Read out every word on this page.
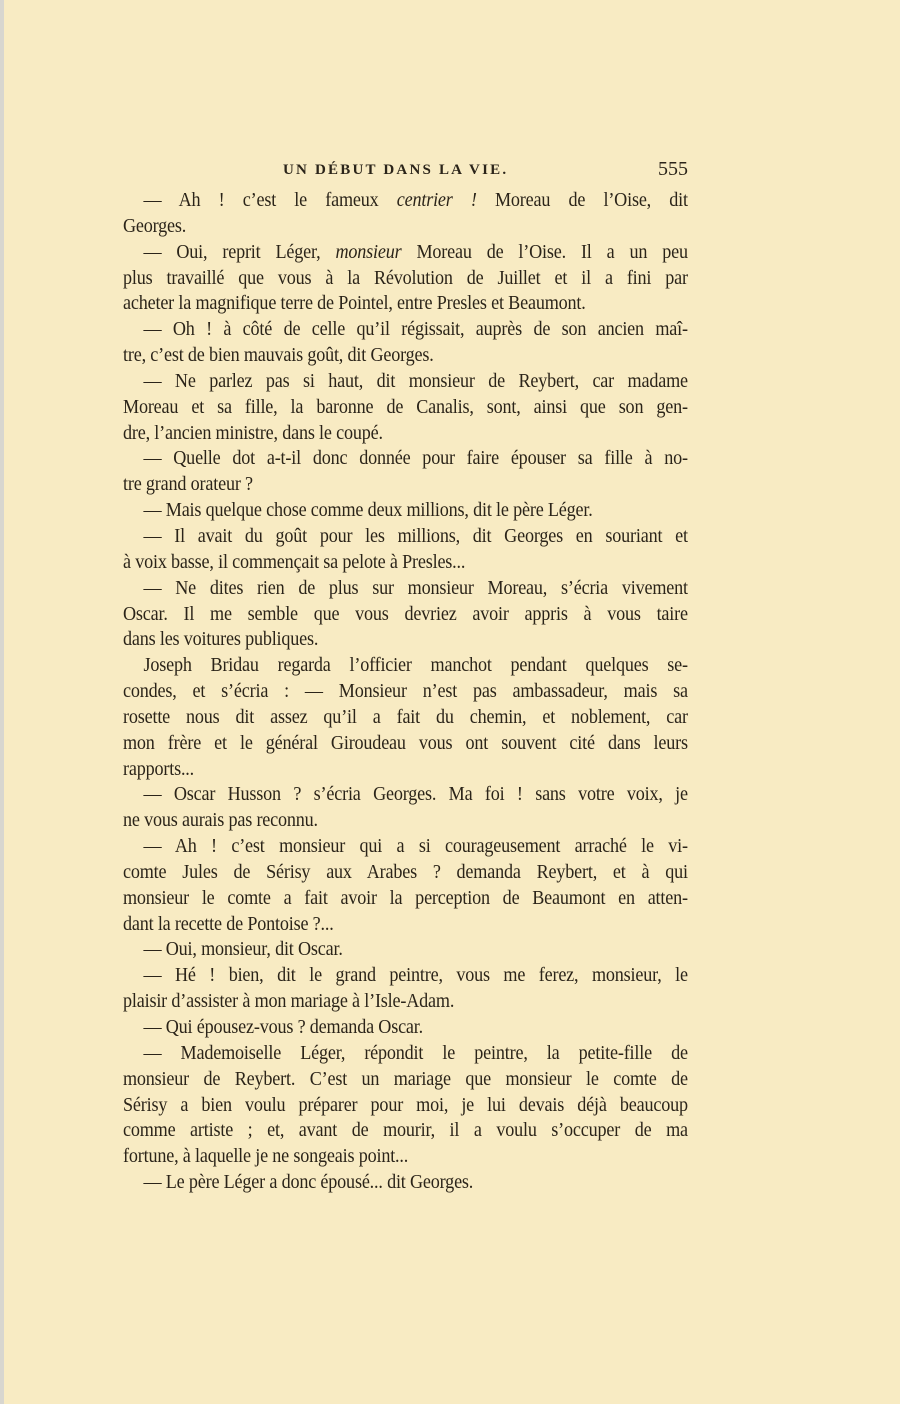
UN DÉBUT DANS LA VIE.	555
— Ah ! c’est le fameux centrier ! Moreau de l’Oise, dit
Georges.
— Oui, reprit Léger, monsieur Moreau de l’Oise. Il a un peu
plus travaillé que vous à la Révolution de Juillet et il a fini par
acheter la magnifique terre de Pointel, entre Presles et Beaumont.
— Oh ! à côté de celle qu’il régissait, auprès de son ancien maî-
tre, c’est de bien mauvais goût, dit Georges.
— Ne parlez pas si haut, dit monsieur de Reybert, car madame
Moreau et sa fille, la baronne de Canalis, sont, ainsi que son gen-
dre, l’ancien ministre, dans le coupé.
— Quelle dot a-t-il donc donnée pour faire épouser sa fille à no-
tre grand orateur ?
— Mais quelque chose comme deux millions, dit le père Léger.
— Il avait du goût pour les millions, dit Georges en souriant et
à voix basse, il commençait sa pelote à Presles...
— Ne dites rien de plus sur monsieur Moreau, s’écria vivement
Oscar. Il me semble que vous devriez avoir appris à vous taire
dans les voitures publiques.
Joseph Bridau regarda l’officier manchot pendant quelques se-
condes, et s’écria : — Monsieur n’est pas ambassadeur, mais sa
rosette nous dit assez qu’il a fait du chemin, et noblement, car
mon frère et le général Giroudeau vous ont souvent cité dans leurs
rapports...
— Oscar Husson ? s’écria Georges. Ma foi ! sans votre voix, je
ne vous aurais pas reconnu.
— Ah ! c’est monsieur qui a si courageusement arraché le vi-
comte Jules de Sérisy aux Arabes ? demanda Reybert, et à qui
monsieur le comte a fait avoir la perception de Beaumont en atten-
dant la recette de Pontoise ?...
— Oui, monsieur, dit Oscar.
— Hé ! bien, dit le grand peintre, vous me ferez, monsieur, le
plaisir d’assister à mon mariage à l’Isle-Adam.
— Qui épousez-vous ? demanda Oscar.
— Mademoiselle Léger, répondit le peintre, la petite-fille de
monsieur de Reybert. C’est un mariage que monsieur le comte de
Sérisy a bien voulu préparer pour moi, je lui devais déjà beaucoup
comme artiste ; et, avant de mourir, il a voulu s’occuper de ma
fortune, à laquelle je ne songeais point...
— Le père Léger a donc épousé... dit Georges.
